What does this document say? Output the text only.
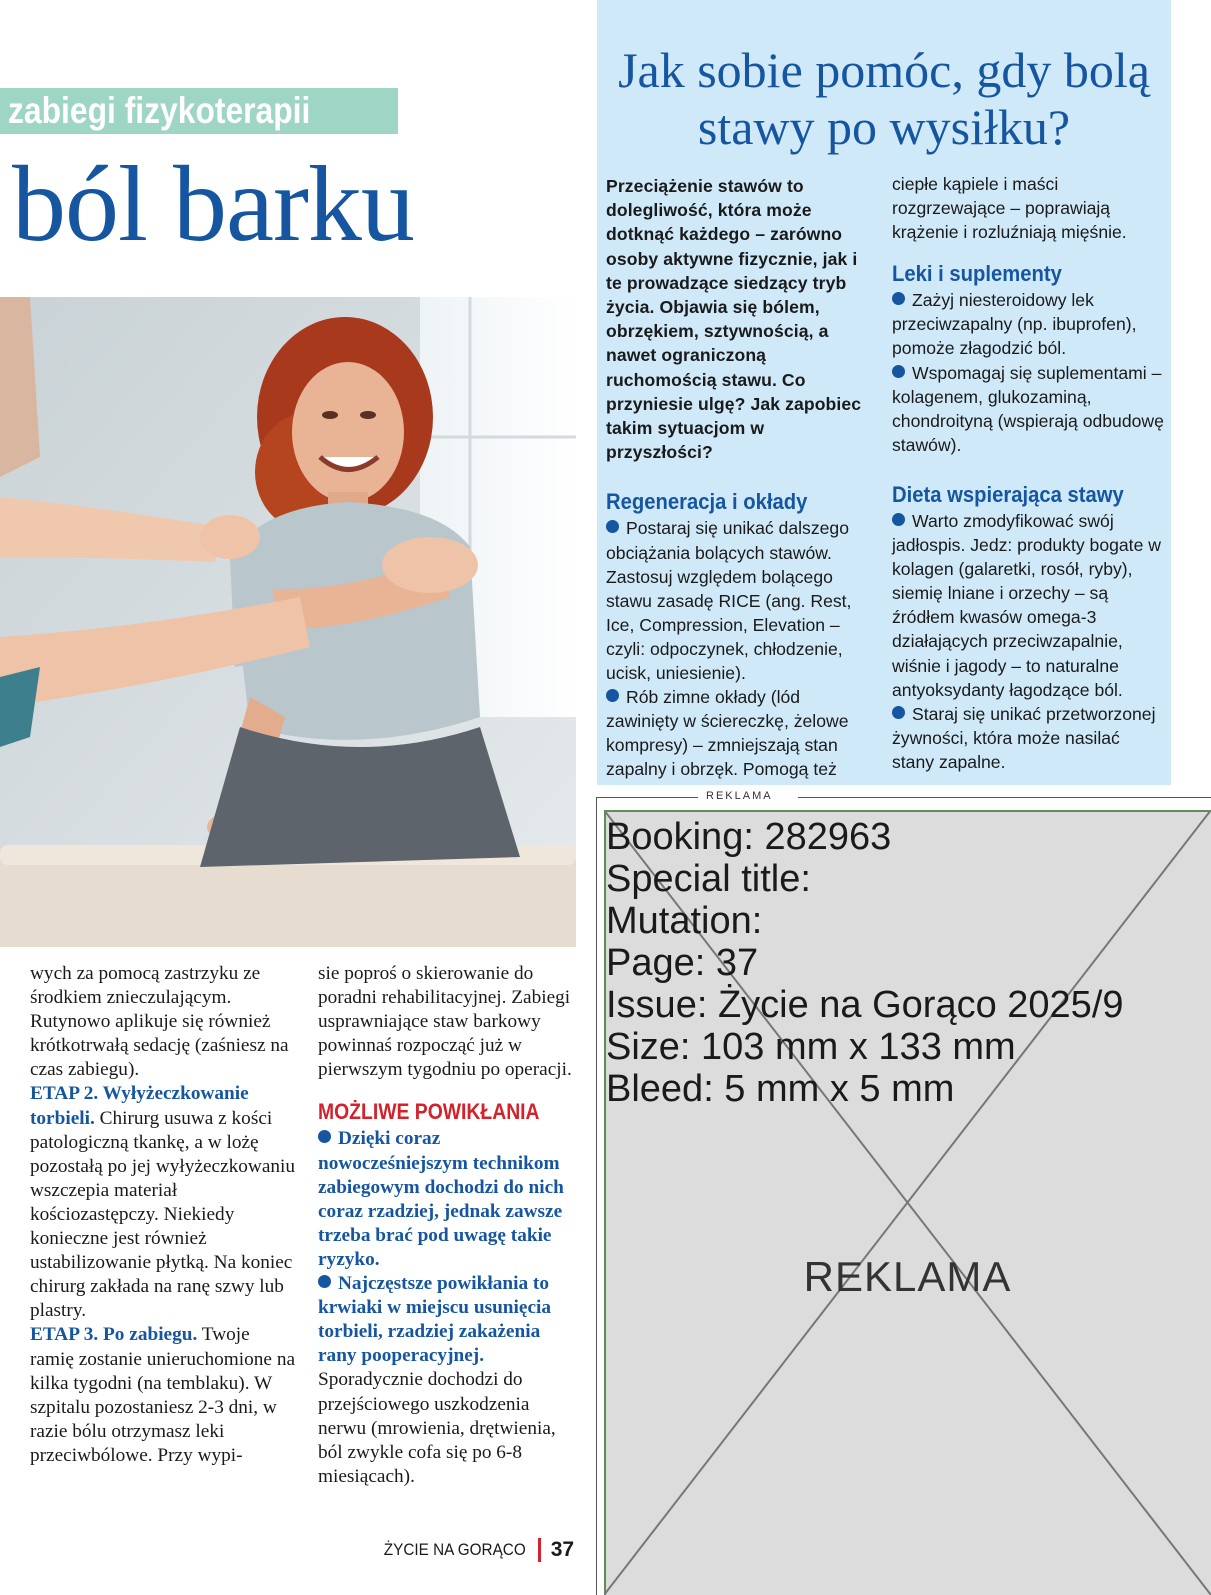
zabiegi fizykoterapii
ból barku

wych za pomocą zastrzyku ze środkiem znieczulającym. Rutynowo aplikuje się również krótkotrwałą sedację (zaśniesz na czas zabiegu).
ETAP 2. Wyłyżeczkowanie torbieli. Chirurg usuwa z kości patologiczną tkankę, a w lożę pozostałą po jej wyłyżeczkowaniu wszczepia materiał kościozastępczy. Niekiedy konieczne jest również ustabilizowanie płytką. Na koniec chirurg zakłada na ranę szwy lub plastry.
ETAP 3. Po zabiegu. Twoje ramię zostanie unieruchomione na kilka tygodni (na temblaku). W szpitalu pozostaniesz 2-3 dni, w razie bólu otrzymasz leki przeciwbólowe. Przy wypi-

sie poproś o skierowanie do poradni rehabilitacyjnej. Zabiegi usprawniające staw barkowy powinnaś rozpocząć już w pierwszym tygodniu po operacji.

MOŻLIWE POWIKŁANIA

Dzięki coraz nowocześniejszym technikom zabiegowym dochodzi do nich coraz rzadziej, jednak zawsze trzeba brać pod uwagę takie ryzyko.

Najczęstsze powikłania to krwiaki w miejscu usunięcia torbieli, rzadziej zakażenia rany pooperacyjnej. Sporadycznie dochodzi do przejściowego uszkodzenia nerwu (mrowienia, drętwienia, ból zwykle cofa się po 6-8 miesiącach).

ŻYCIE NA GORĄCO 37
Jak sobie pomóc, gdy bolą stawy po wysiłku?

Przeciążenie stawów to dolegliwość, która może dotknąć każdego – zarówno osoby aktywne fizycznie, jak i te prowadzące siedzący tryb życia. Objawia się bólem, obrzękiem, sztywnością, a nawet ograniczoną ruchomością stawu. Co przyniesie ulgę? Jak zapobiec takim sytuacjom w przyszłości?

Regeneracja i okłady

Postaraj się unikać dalszego obciążania bolących stawów. Zastosuj względem bolącego stawu zasadę RICE (ang. Rest, Ice, Compression, Elevation – czyli: odpoczynek, chłodzenie, ucisk, uniesienie).

Rób zimne okłady (lód zawinięty w ściereczkę, żelowe kompresy) – zmniejszają stan zapalny i obrzęk. Pomogą też

ciepłe kąpiele i maści rozgrzewające – poprawiają krążenie i rozluźniają mięśnie.

Leki i suplementy

Zażyj niesteroidowy lek przeciwzapalny (np. ibuprofen), pomoże złagodzić ból.

Wspomagaj się suplementami – kolagenem, glukozaminą, chondroityną (wspierają odbudowę stawów).

Dieta wspierająca stawy

Warto zmodyfikować swój jadłospis. Jedz: produkty bogate w kolagen (galaretki, rosół, ryby), siemię lniane i orzechy – są źródłem kwasów omega-3 działających przeciwzapalnie, wiśnie i jagody – to naturalne antyoksydanty łagodzące ból.

Staraj się unikać przetworzonej żywności, która może nasilać stany zapalne.

REKLAMA
Booking: 282963
Special title:
Mutation:
Page: 37
Issue: Życie na Gorąco 2025/9
Size: 103 mm x 133 mm
Bleed: 5 mm x 5 mm
REKLAMA
